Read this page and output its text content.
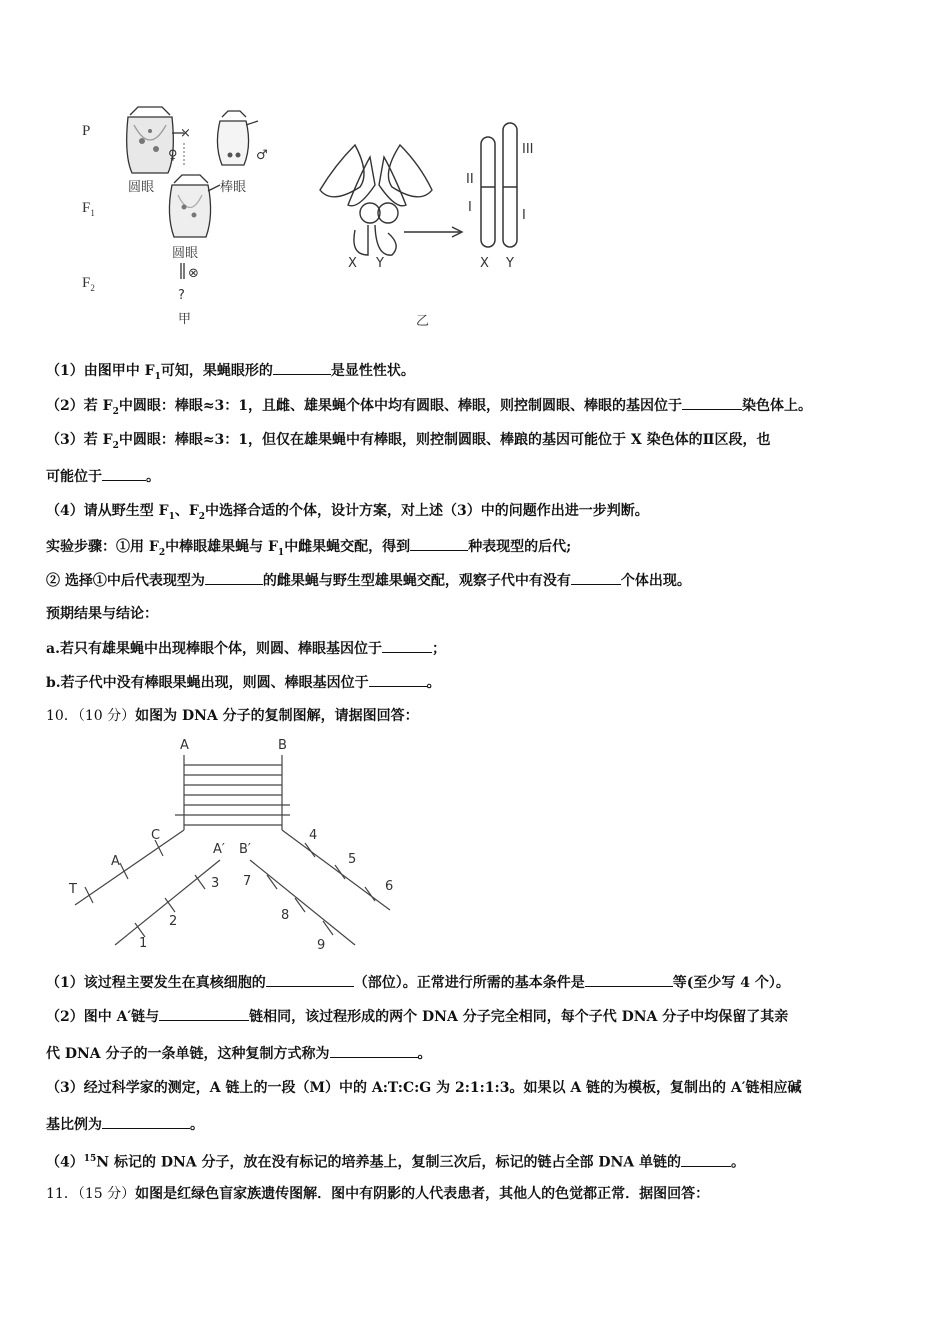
P
$F_1$
$F_2$
×
♀	♂
圆眼	棒眼
圆眼
⊗
?
甲
X Y
II
I
III
I
X Y
乙
（1）由图甲中 $F_1$可知，果蝇眼形的	是显性性状。
（2）若 $F_2$中圆眼：棒眼≈3：1，且雌、雄果蝇个体中均有圆眼、棒眼，则控制圆眼、棒眼的基因位于	染色体上。
（3）若 $F_2$中圆眼：棒眼≈3：1，但仅在雄果蝇中有棒眼，则控制圆眼、棒踉的基因可能位于 X 染色体的Ⅱ区段，也
可能位于	。
（4）请从野生型 $F_1$、$F_2$中选择合适的个体，设计方案，对上述（3）中的问题作出进一步判断。
实验步骤：①用 $F_2$中棒眼雄果蝇与 $F_1$中雌果蝇交配，得到	种表现型的后代;
② 选择①中后代表现型为	的雌果蝇与野生型雄果蝇交配，观察子代中有没有	个体出现。
预期结果与结论：
a.若只有雄果蝇中出现棒眼个体，则圆、棒眼基因位于	；
b.若子代中没有棒眼果蝇出现，则圆、棒眼基因位于	。
10．（10 分）如图为 DNA 分子的复制图解，请据图回答：
A	B
C
A
T
A′ B′
1
2
3
4
5
6
7
8
9
（1）该过程主要发生在真核细胞的	（部位）。正常进行所需的基本条件是	等(至少写 4 个）。
（2）图中 A′链与	链相同，该过程形成的两个 DNA 分子完全相同，每个子代 DNA 分子中均保留了其亲
代 DNA 分子的一条单链，这种复制方式称为	。
（3）经过科学家的测定，A 链上的一段（M）中的 A:T:C:G 为 2:1:1:3。如果以 A 链的为模板，复制出的 A′链相应碱
基比例为	。
$(4)^{15}N$ 标记的 DNA 分子，放在没有标记的培养基上，复制三次后，标记的链占全部 DNA 单链的	。
11．（15 分）如图是红绿色盲家族遗传图解．图中有阴影的人代表患者，其他人的色觉都正常．据图回答：
